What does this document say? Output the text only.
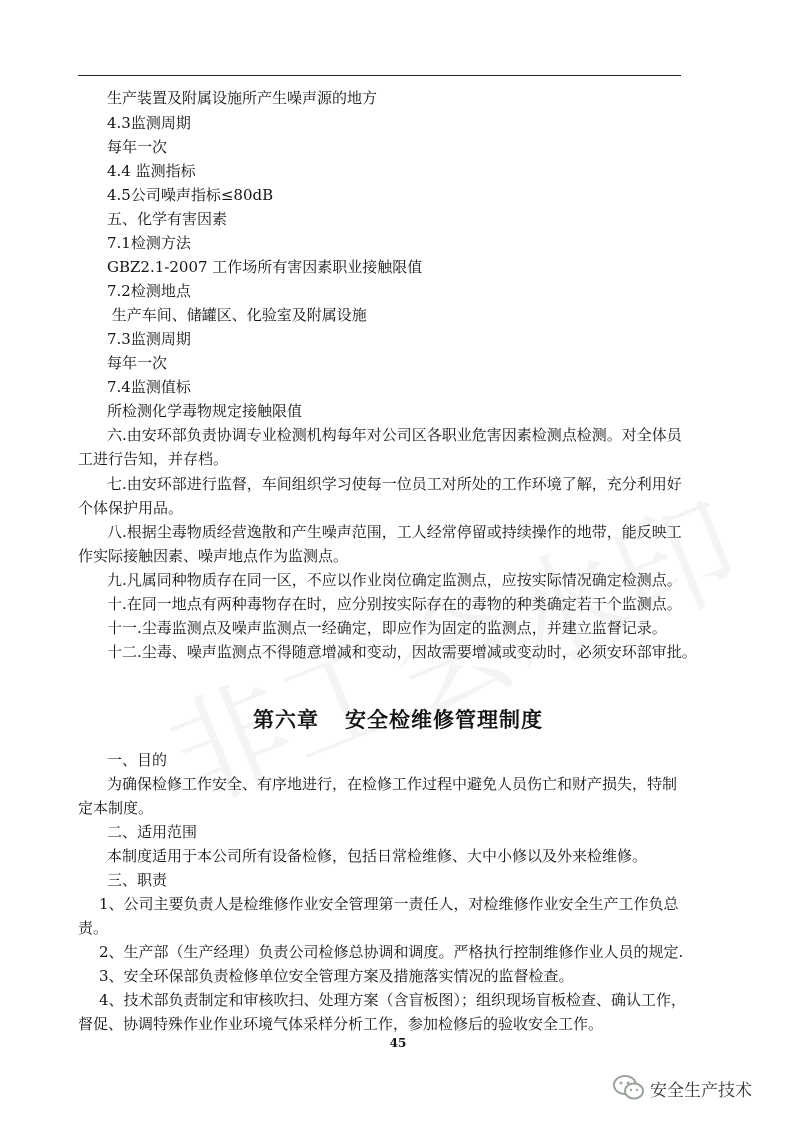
生产装置及附属设施所产生噪声源的地方
4.3监测周期
每年一次
4.4 监测指标
4.5公司噪声指标≤80dB
五、化学有害因素
7.1检测方法
GBZ2.1-2007 工作场所有害因素职业接触限值
7.2检测地点
生产车间、储罐区、化验室及附属设施
7.3监测周期
每年一次
7.4监测值标
所检测化学毒物规定接触限值
六.由安环部负责协调专业检测机构每年对公司区各职业危害因素检测点检测。对全体员
工进行告知，并存档。
七.由安环部进行监督，车间组织学习使每一位员工对所处的工作环境了解，充分利用好
个体保护用品。
八.根据尘毒物质经营逸散和产生噪声范围，工人经常停留或持续操作的地带，能反映工
作实际接触因素、噪声地点作为监测点。
九.凡属同种物质存在同一区，不应以作业岗位确定监测点，应按实际情况确定检测点。
十.在同一地点有两种毒物存在时，应分别按实际存在的毒物的种类确定若干个监测点。
十一.尘毒监测点及噪声监测点一经确定，即应作为固定的监测点，并建立监督记录。
十二.尘毒、噪声监测点不得随意增减和变动，因故需要增减或变动时，必须安环部审批。
第六章 安全检维修管理制度
一、目的
为确保检修工作安全、有序地进行，在检修工作过程中避免人员伤亡和财产损失，特制
定本制度。
二、适用范围
本制度适用于本公司所有设备检修，包括日常检维修、大中小修以及外来检维修。
三、职责
1、公司主要负责人是检维修作业安全管理第一责任人，对检维修作业安全生产工作负总
责。
2、生产部（生产经理）负责公司检修总协调和调度。严格执行控制维修作业人员的规定.
3、安全环保部负责检修单位安全管理方案及措施落实情况的监督检查。
4、技术部负责制定和审核吹扫、处理方案（含盲板图）；组织现场盲板检查、确认工作，
督促、协调特殊作业作业环境气体采样分析工作，参加检修后的验收安全工作。
45
安全生产技术
